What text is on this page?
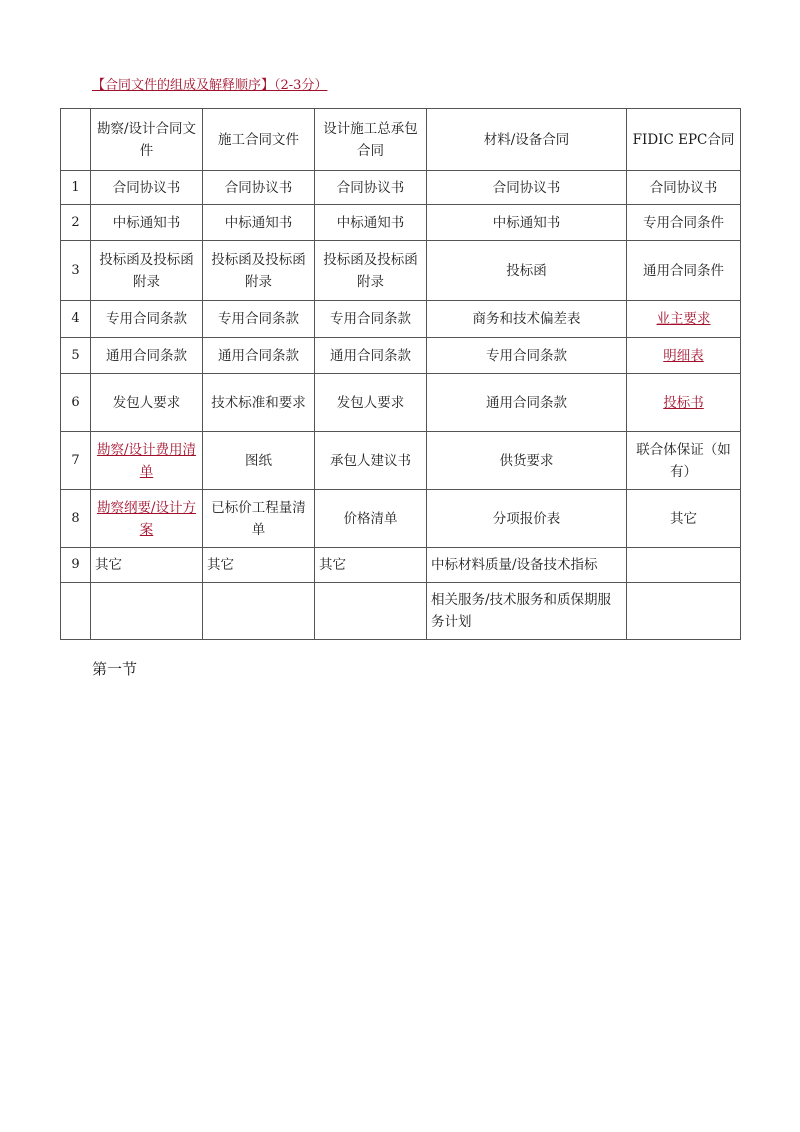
【合同文件的组成及解释顺序】（2-3分）
	勘察/设计合同文件	施工合同文件	设计施工总承包合同	材料/设备合同	FIDIC EPC合同
1	合同协议书	合同协议书	合同协议书	合同协议书	合同协议书
2	中标通知书	中标通知书	中标通知书	中标通知书	专用合同条件
3	投标函及投标函附录	投标函及投标函附录	投标函及投标函附录	投标函	通用合同条件
4	专用合同条款	专用合同条款	专用合同条款	商务和技术偏差表	业主要求
5	通用合同条款	通用合同条款	通用合同条款	专用合同条款	明细表
6	发包人要求	技术标准和要求	发包人要求	通用合同条款	投标书
7	勘察/设计费用清单	图纸	承包人建议书	供货要求	联合体保证（如有）
8	勘察纲要/设计方案	已标价工程量清单	价格清单	分项报价表	其它
9	其它	其它	其它	中标材料质量/设备技术指标	
				相关服务/技术服务和质保期服务计划	
第一节
